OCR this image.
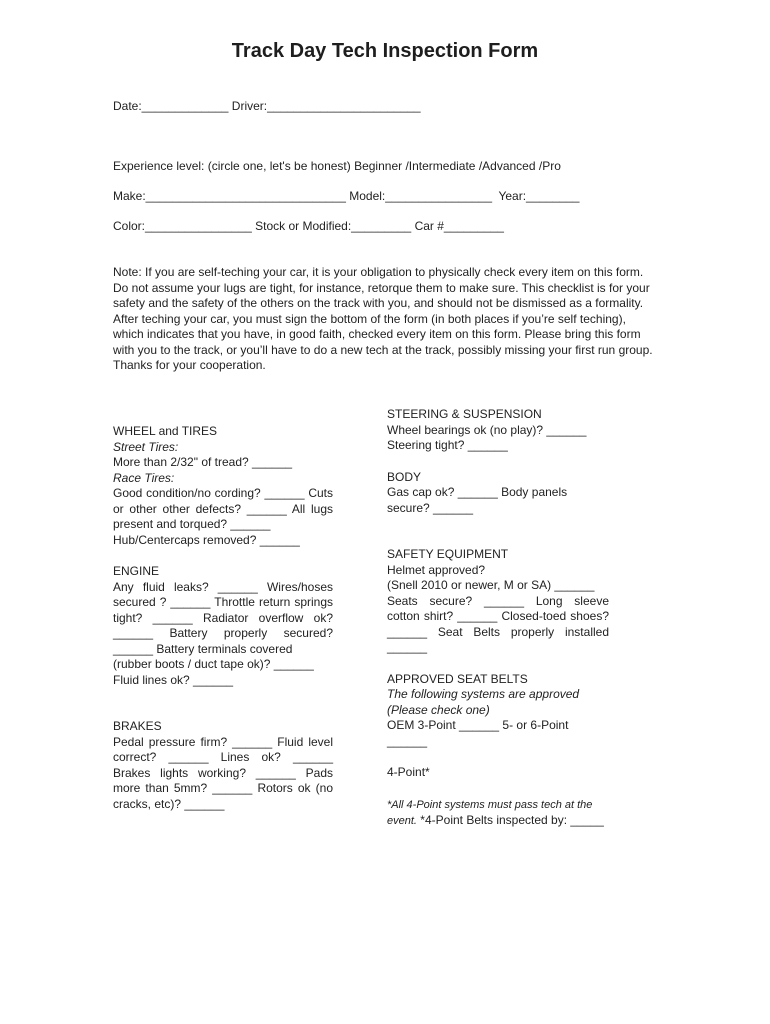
Track Day Tech Inspection Form

Date:_____________ Driver:_______________________

Experience level: (circle one, let's be honest) Beginner /Intermediate /Advanced /Pro

Make:______________________________ Model:________________  Year:________

Color:________________ Stock or Modified:_________ Car #_________

Note: If you are self-teching your car, it is your obligation to physically check every item on this form. Do not assume your lugs are tight, for instance, retorque them to make sure. This checklist is for your safety and the safety of the others on the track with you, and should not be dismissed as a formality. After teching your car, you must sign the bottom of the form (in both places if you’re self teching), which indicates that you have, in good faith, checked every item on this form. Please bring this form with you to the track, or you’ll have to do a new tech at the track, possibly missing your first run group. Thanks for your cooperation.

WHEEL and TIRES

Street Tires:

More than 2/32" of tread? ______

Race Tires:

Good condition/no cording? ______ Cuts or other other defects? ______ All lugs present and torqued? ______

Hub/Centercaps removed? ______

ENGINE

Any fluid leaks? ______ Wires/hoses secured ? ______ Throttle return springs tight? ______ Radiator overflow ok? ______ Battery properly secured? ______ Battery terminals covered

(rubber boots / duct tape ok)? ______

Fluid lines ok? ______

BRAKES

Pedal pressure firm? ______ Fluid level correct? ______ Lines ok? ______ Brakes lights working? ______ Pads more than 5mm? ______ Rotors ok (no cracks, etc)? ______

STEERING & SUSPENSION

Wheel bearings ok (no play)? ______

Steering tight? ______

BODY

Gas cap ok? ______ Body panels secure? ______

SAFETY EQUIPMENT

Helmet approved?

(Snell 2010 or newer, M or SA) ______

Seats secure? ______ Long sleeve cotton shirt? ______ Closed-toed shoes? ______ Seat Belts properly installed ______

APPROVED SEAT BELTS

The following systems are approved (Please check one)

OEM 3-Point ______ 5- or 6-Point ______

4-Point*

*All 4-Point systems must pass tech at the event. *4-Point Belts inspected by: _____
